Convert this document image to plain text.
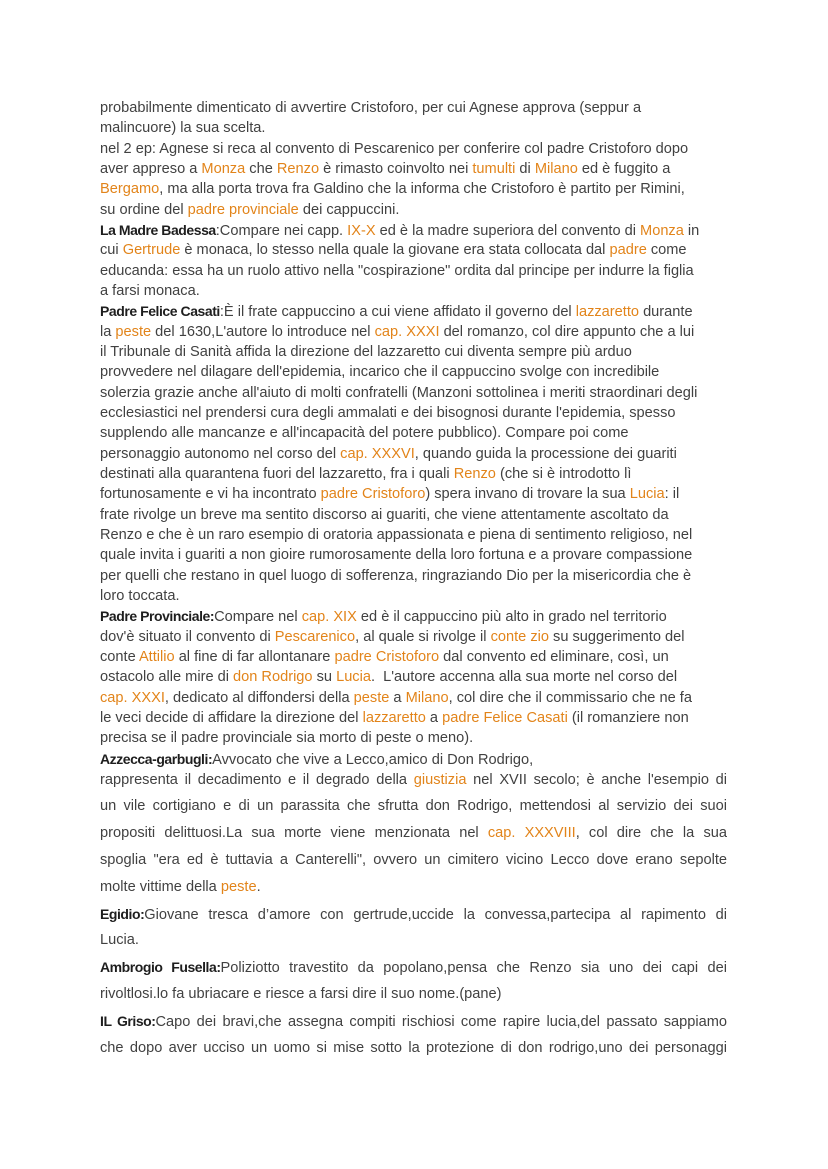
probabilmente dimenticato di avvertire Cristoforo, per cui Agnese approva (seppur a
malincuore) la sua scelta.
nel 2 ep: Agnese si reca al convento di Pescarenico per conferire col padre Cristoforo dopo
aver appreso a Monza che Renzo è rimasto coinvolto nei tumulti di Milano ed è fuggito a
Bergamo, ma alla porta trova fra Galdino che la informa che Cristoforo è partito per Rimini,
su ordine del padre provinciale dei cappuccini.
La Madre Badessa:Compare nei capp. IX-X ed è la madre superiora del convento di Monza in
cui Gertrude è monaca, lo stesso nella quale la giovane era stata collocata dal padre come
educanda: essa ha un ruolo attivo nella "cospirazione" ordita dal principe per indurre la figlia
a farsi monaca.
Padre Felice Casati:È il frate cappuccino a cui viene affidato il governo del lazzaretto durante
la peste del 1630,L'autore lo introduce nel cap. XXXI del romanzo, col dire appunto che a lui
il Tribunale di Sanità affida la direzione del lazzaretto cui diventa sempre più arduo
provvedere nel dilagare dell'epidemia, incarico che il cappuccino svolge con incredibile
solerzia grazie anche all'aiuto di molti confratelli (Manzoni sottolinea i meriti straordinari degli
ecclesiastici nel prendersi cura degli ammalati e dei bisognosi durante l'epidemia, spesso
supplendo alle mancanze e all'incapacità del potere pubblico). Compare poi come
personaggio autonomo nel corso del cap. XXXVI, quando guida la processione dei guariti
destinati alla quarantena fuori del lazzaretto, fra i quali Renzo (che si è introdotto lì
fortunosamente e vi ha incontrato padre Cristoforo) spera invano di trovare la sua Lucia: il
frate rivolge un breve ma sentito discorso ai guariti, che viene attentamente ascoltato da
Renzo e che è un raro esempio di oratoria appassionata e piena di sentimento religioso, nel
quale invita i guariti a non gioire rumorosamente della loro fortuna e a provare compassione
per quelli che restano in quel luogo di sofferenza, ringraziando Dio per la misericordia che è
loro toccata.
Padre Provinciale:Compare nel cap. XIX ed è il cappuccino più alto in grado nel territorio
dov'è situato il convento di Pescarenico, al quale si rivolge il conte zio su suggerimento del
conte Attilio al fine di far allontanare padre Cristoforo dal convento ed eliminare, così, un
ostacolo alle mire di don Rodrigo su Lucia.  L'autore accenna alla sua morte nel corso del
cap. XXXI, dedicato al diffondersi della peste a Milano, col dire che il commissario che ne fa
le veci decide di affidare la direzione del lazzaretto a padre Felice Casati (il romanziere non
precisa se il padre provinciale sia morto di peste o meno).
Azzecca-garbugli:Avvocato che vive a Lecco,amico di Don Rodrigo,
rappresenta il decadimento e il degrado della giustizia nel XVII secolo; è anche l'esempio di
un vile cortigiano e di un parassita che sfrutta don Rodrigo, mettendosi al servizio dei suoi
propositi delittuosi.La sua morte viene menzionata nel cap. XXXVIII, col dire che la sua
spoglia "era ed è tuttavia a Canterelli", ovvero un cimitero vicino Lecco dove erano sepolte
molte vittime della peste.
Egidio:Giovane tresca d’amore con gertrude,uccide la convessa,partecipa al rapimento di
Lucia.
Ambrogio Fusella:Poliziotto travestito da popolano,pensa che Renzo sia uno dei capi dei
rivoltlosi.lo fa ubriacare e riesce a farsi dire il suo nome.(pane)
IL Griso:Capo dei bravi,che assegna compiti rischiosi come rapire lucia,del passato sappiamo
che dopo aver ucciso un uomo si mise sotto la protezione di don rodrigo,uno dei personaggi
